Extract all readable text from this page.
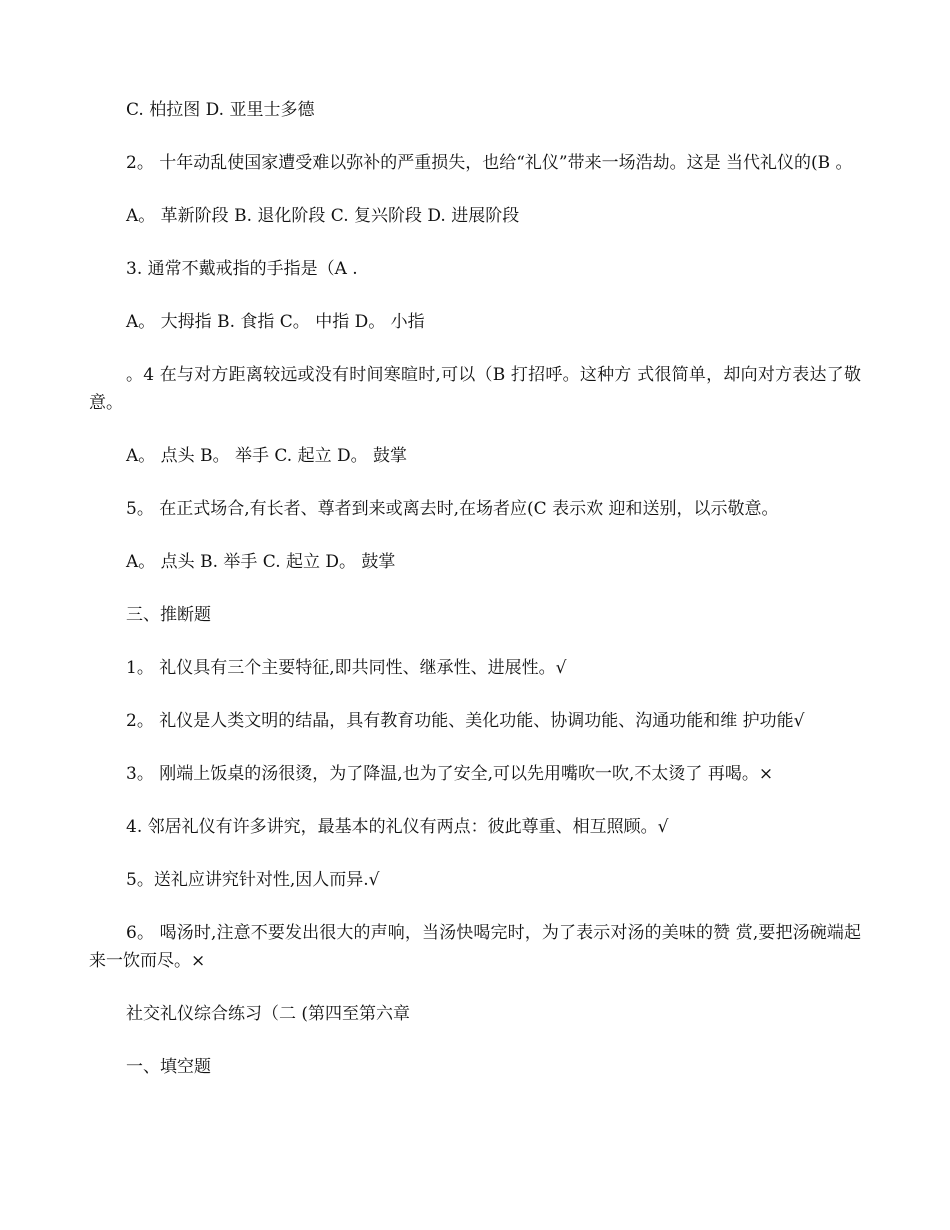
C. 柏拉图 D. 亚里士多德

2。 十年动乱使国家遭受难以弥补的严重损失，也给“礼仪”带来一场浩劫。这是 当代礼仪的(B 。

A。 革新阶段 B. 退化阶段 C. 复兴阶段 D. 进展阶段

3. 通常不戴戒指的手指是（A .

A。 大拇指 B. 食指 C。 中指 D。 小指

。4 在与对方距离较远或没有时间寒暄时,可以（B 打招呼。这种方 式很简单，却向对方表达了敬意。

A。 点头 B。 举手 C. 起立 D。 鼓掌

5。 在正式场合,有长者、尊者到来或离去时,在场者应(C 表示欢 迎和送别，以示敬意。

A。 点头 B. 举手 C. 起立 D。 鼓掌

三、推断题

1。 礼仪具有三个主要特征,即共同性、继承性、进展性。√

2。 礼仪是人类文明的结晶，具有教育功能、美化功能、协调功能、沟通功能和维 护功能√

3。 刚端上饭桌的汤很烫，为了降温,也为了安全,可以先用嘴吹一吹,不太烫了 再喝。×

4. 邻居礼仪有许多讲究，最基本的礼仪有两点：彼此尊重、相互照顾。√

5。送礼应讲究针对性,因人而异.√

6。 喝汤时,注意不要发出很大的声响，当汤快喝完时，为了表示对汤的美味的赞 赏,要把汤碗端起来一饮而尽。×

社交礼仪综合练习（二 (第四至第六章

一、填空题
